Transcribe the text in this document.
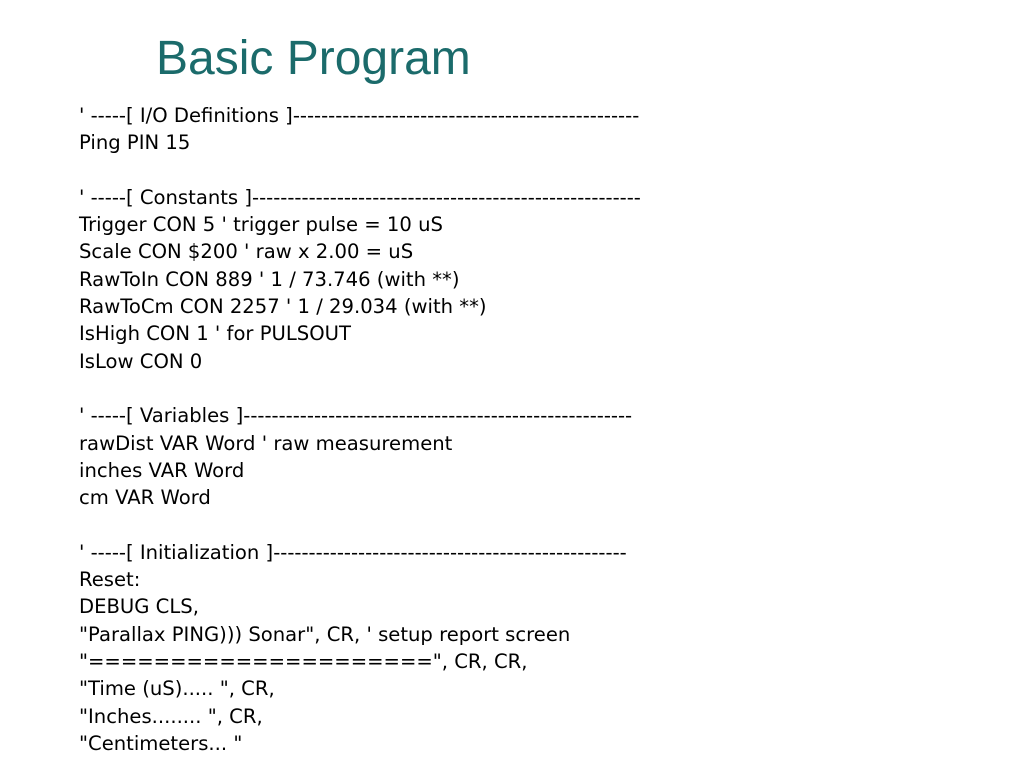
Basic Program
' -----[ I/O Definitions ]-------------------------------------------------
Ping PIN 15
' -----[ Constants ]-------------------------------------------------------
Trigger CON 5 ' trigger pulse = 10 uS
Scale CON $200 ' raw x 2.00 = uS
RawToIn CON 889 ' 1 / 73.746 (with **)
RawToCm CON 2257 ' 1 / 29.034 (with **)
IsHigh CON 1 ' for PULSOUT
IsLow CON 0
' -----[ Variables ]-------------------------------------------------------
rawDist VAR Word ' raw measurement
inches VAR Word
cm VAR Word
' -----[ Initialization ]--------------------------------------------------
Reset:
DEBUG CLS,
"Parallax PING))) Sonar", CR, ' setup report screen
"=====================", CR, CR,
"Time (uS)..... ", CR,
"Inches........ ", CR,
"Centimeters... "
